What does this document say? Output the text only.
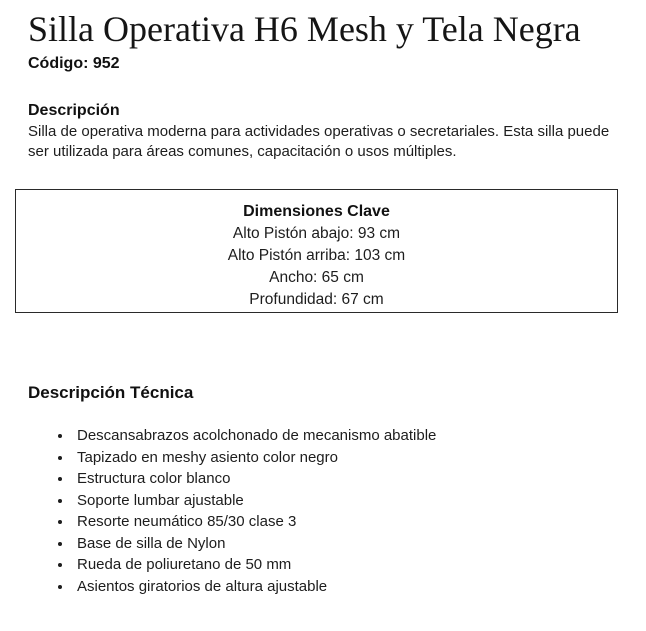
Silla Operativa H6 Mesh y Tela Negra
Código: 952
Descripción

Silla de operativa moderna para actividades operativas o secretariales. Esta silla puede ser utilizada para áreas comunes, capacitación o usos múltiples.

Dimensiones Clave
Alto Pistón abajo: 93 cm
Alto Pistón arriba: 103 cm
Ancho: 65 cm
Profundidad: 67 cm
Descripción Técnica
• Descansabrazos acolchonado de mecanismo abatible
• Tapizado en meshy asiento color negro
• Estructura color blanco
• Soporte lumbar ajustable
• Resorte neumático 85/30 clase 3
• Base de silla de Nylon
• Rueda de poliuretano de 50 mm
• Asientos giratorios de altura ajustable
